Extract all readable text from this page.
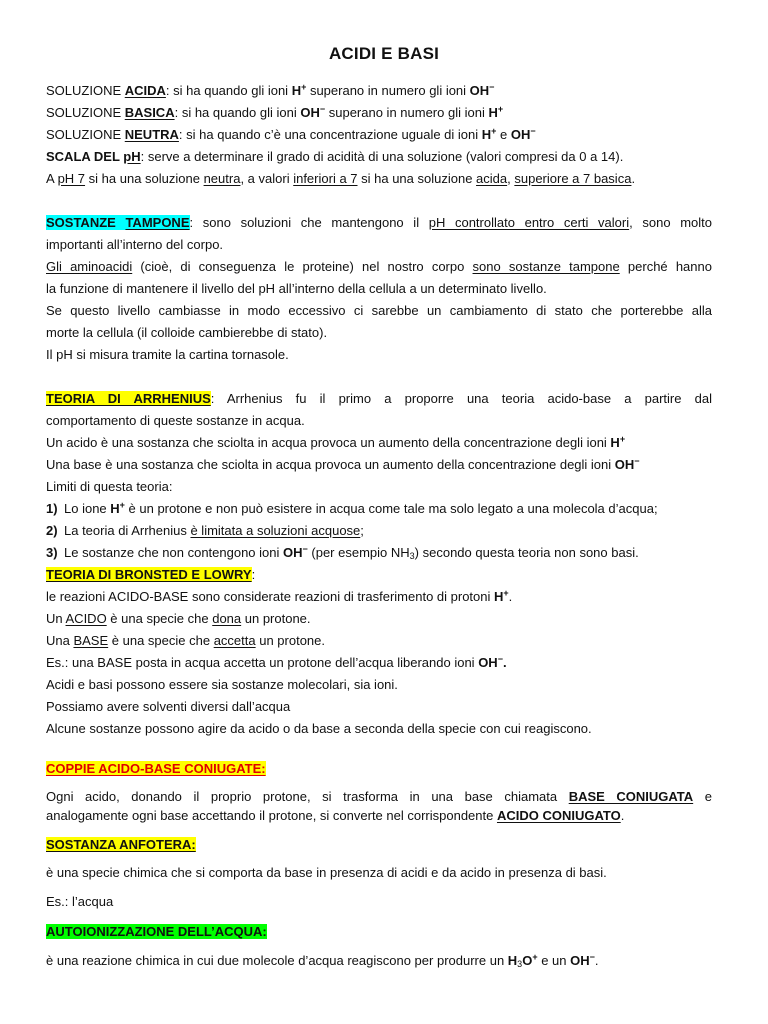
ACIDI E BASI
SOLUZIONE ACIDA: si ha quando gli ioni H+ superano in numero gli ioni OH−
SOLUZIONE BASICA: si ha quando gli ioni OH− superano in numero gli ioni H+
SOLUZIONE NEUTRA: si ha quando c’è una concentrazione uguale di ioni H+ e OH−
SCALA DEL pH: serve a determinare il grado di acidità di una soluzione (valori compresi da 0 a 14).
A pH 7 si ha una soluzione neutra, a valori inferiori a 7 si ha una soluzione acida, superiore a 7 basica.
SOSTANZE TAMPONE: sono soluzioni che mantengono il pH controllato entro certi valori, sono molto
importanti all’interno del corpo.
Gli aminoacidi (cioè, di conseguenza le proteine) nel nostro corpo sono sostanze tampone perché hanno
la funzione di mantenere il livello del pH all’interno della cellula a un determinato livello.
Se questo livello cambiasse in modo eccessivo ci sarebbe un cambiamento di stato che porterebbe alla
morte la cellula (il colloide cambierebbe di stato).
Il pH si misura tramite la cartina tornasole.
TEORIA DI ARRHENIUS: Arrhenius fu il primo a proporre una teoria acido-base a partire dal
comportamento di queste sostanze in acqua.
Un acido è una sostanza che sciolta in acqua provoca un aumento della concentrazione degli ioni H+
Una base è una sostanza che sciolta in acqua provoca un aumento della concentrazione degli ioni OH−
Limiti di questa teoria:
1) Lo ione H+ è un protone e non può esistere in acqua come tale ma solo legato a una molecola d’acqua;
2) La teoria di Arrhenius è limitata a soluzioni acquose;
3) Le sostanze che non contengono ioni OH− (per esempio $NH_3$) secondo questa teoria non sono basi.
TEORIA DI BRONSTED E LOWRY:
le reazioni ACIDO-BASE sono considerate reazioni di trasferimento di protoni H+.
Un ACIDO è una specie che dona un protone.
Una BASE è una specie che accetta un protone.
Es.: una BASE posta in acqua accetta un protone dell’acqua liberando ioni OH−.
Acidi e basi possono essere sia sostanze molecolari, sia ioni.
Possiamo avere solventi diversi dall’acqua
Alcune sostanze possono agire da acido o da base a seconda della specie con cui reagiscono.
COPPIE ACIDO-BASE CONIUGATE:
Ogni acido, donando il proprio protone, si trasforma in una base chiamata BASE CONIUGATA e
analogamente ogni base accettando il protone, si converte nel corrispondente ACIDO CONIUGATO.
SOSTANZA ANFOTERA:
è una specie chimica che si comporta da base in presenza di acidi e da acido in presenza di basi.
Es.: l’acqua
AUTOIONIZZAZIONE DELL’ACQUA:
è una reazione chimica in cui due molecole d’acqua reagiscono per produrre un $H_3O^+$ e un OH−.
